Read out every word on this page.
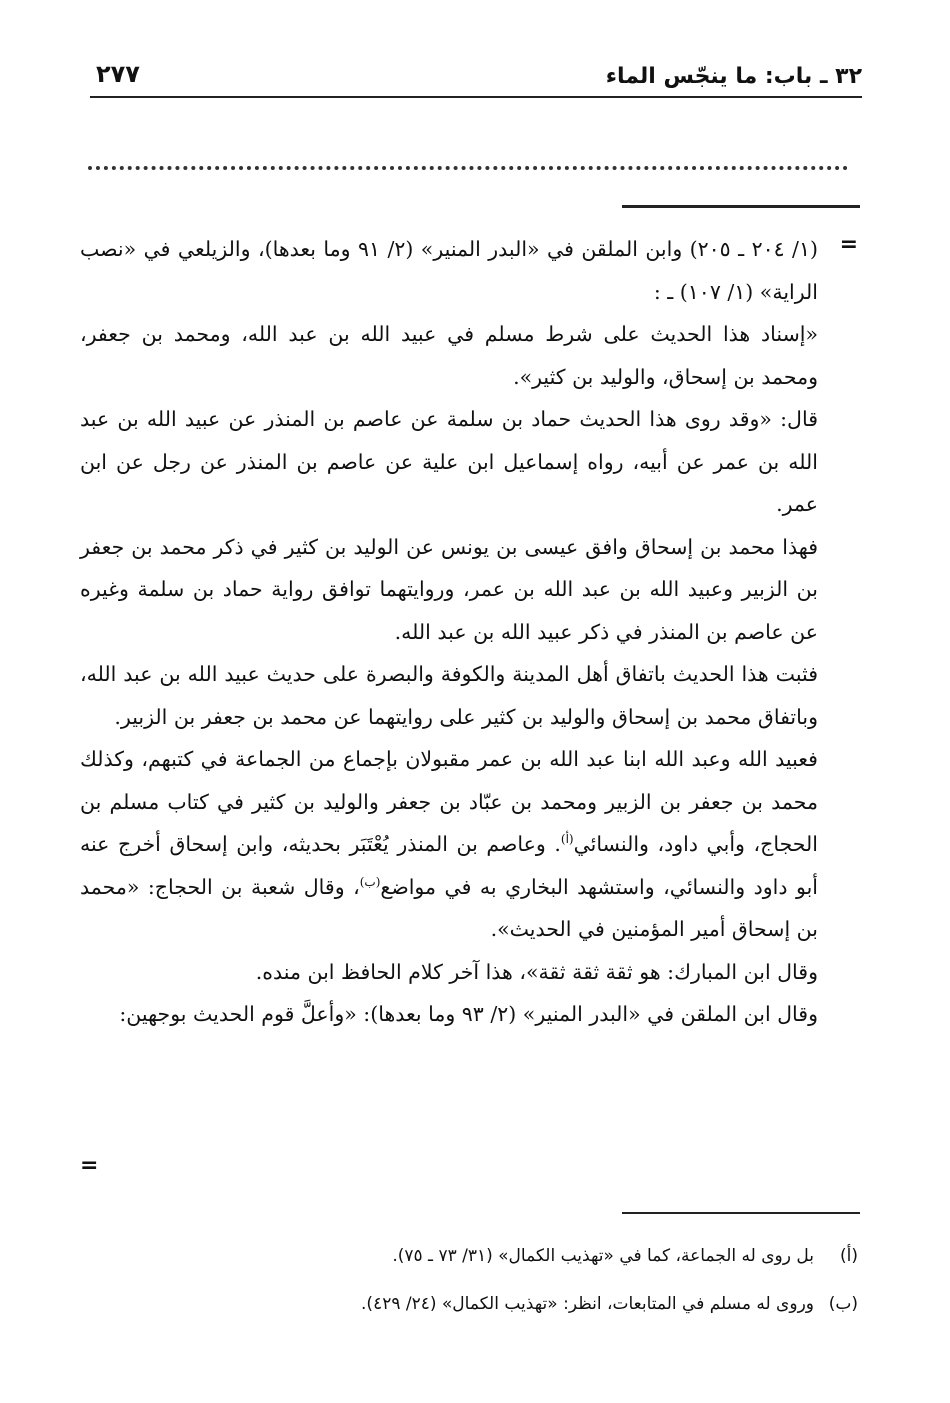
٣٢ ـ باب: ما ينجّس الماء
٢٧٧
=

(١/ ٢٠٤ ـ ٢٠٥) وابن الملقن في «البدر المنير» (٢/ ٩١ وما بعدها)، والزيلعي في «نصب الراية» (١/ ١٠٧) ـ :

«إسناد هذا الحديث على شرط مسلم في عبيد الله بن عبد الله، ومحمد بن جعفر، ومحمد بن إسحاق، والوليد بن كثير».

قال: «وقد روى هذا الحديث حماد بن سلمة عن عاصم بن المنذر عن عبيد الله بن عبد الله بن عمر عن أبيه، رواه إسماعيل ابن علية عن عاصم بن المنذر عن رجل عن ابن عمر.

فهذا محمد بن إسحاق وافق عيسى بن يونس عن الوليد بن كثير في ذكر محمد بن جعفر بن الزبير وعبيد الله بن عبد الله بن عمر، وروايتهما توافق رواية حماد بن سلمة وغيره عن عاصم بن المنذر في ذكر عبيد الله بن عبد الله.

فثبت هذا الحديث باتفاق أهل المدينة والكوفة والبصرة على حديث عبيد الله بن عبد الله، وباتفاق محمد بن إسحاق والوليد بن كثير على روايتهما عن محمد بن جعفر بن الزبير.

فعبيد الله وعبد الله ابنا عبد الله بن عمر مقبولان بإجماع من الجماعة في كتبهم، وكذلك محمد بن جعفر بن الزبير ومحمد بن عبّاد بن جعفر والوليد بن كثير في كتاب مسلم بن الحجاج، وأبي داود، والنسائي$^{(أ)}$. وعاصم بن المنذر يُعْتَبَر بحديثه، وابن إسحاق أخرج عنه أبو داود والنسائي، واستشهد البخاري به في مواضع$^{(ب)}$، وقال شعبة بن الحجاج: «محمد بن إسحاق أمير المؤمنين في الحديث».

وقال ابن المبارك: هو ثقة ثقة ثقة»، هذا آخر كلام الحافظ ابن منده.

وقال ابن الملقن في «البدر المنير» (٢/ ٩٣ وما بعدها): «وأعلَّ قوم الحديث بوجهين:

=
(أ)
بل روى له الجماعة، كما في «تهذيب الكمال» (٣١/ ٧٣ ـ ٧٥).
(ب)
وروى له مسلم في المتابعات، انظر: «تهذيب الكمال» (٢٤/ ٤٢٩).
